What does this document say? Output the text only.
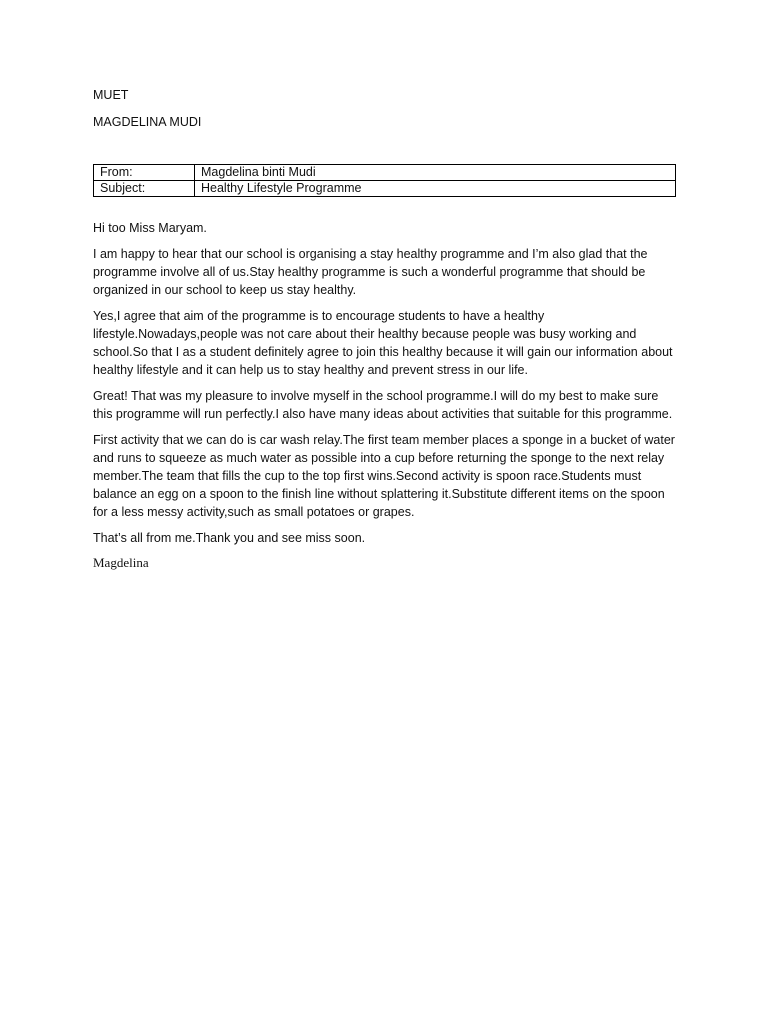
MUET

MAGDELINA MUDI

From:	Magdelina binti Mudi
Subject:	Healthy Lifestyle Programme

Hi too Miss Maryam.

I am happy to hear that our school is organising a stay healthy programme and I’m also glad that the programme involve all of us.Stay healthy programme is such a wonderful programme that should be organized in our school to keep us stay healthy.

Yes,I agree that aim of the programme is to encourage students to have a healthy lifestyle.Nowadays,people was not care about their healthy because people was busy working and school.So that I as a student definitely agree to join this healthy because it will gain our information about healthy lifestyle and it can help us to stay healthy and prevent stress in our life.

Great! That was my pleasure to involve myself in the school programme.I will do my best to make sure this programme will run perfectly.I also have many ideas about activities that suitable for this programme.

First activity that we can do is car wash relay.The first team member places a sponge in a bucket of water and runs to squeeze as much water as possible into a cup before returning the sponge to the next relay member.The team that fills the cup to the top first wins.Second activity is spoon race.Students must balance an egg on a spoon to the finish line without splattering it.Substitute different items on the spoon for a less messy activity,such as small potatoes or grapes.

That’s all from me.Thank you and see miss soon.

Magdelina
